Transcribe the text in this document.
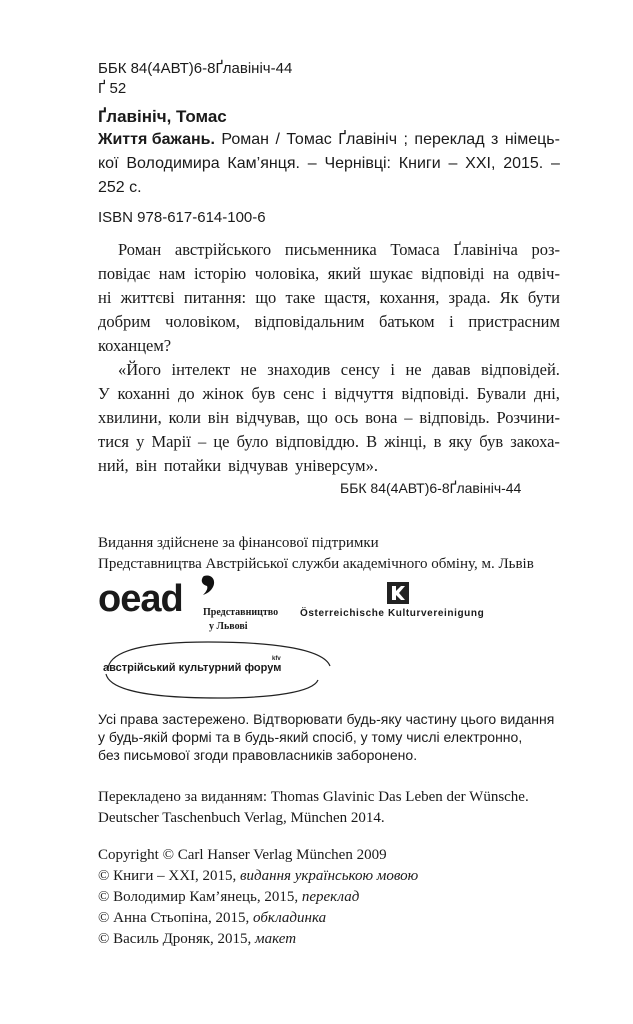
ББК 84(4АВТ)6-8Ґлавініч-44
Ґ 52
Ґлавініч, Томас
Життя бажань. Роман / Томас Ґлавініч ; переклад з німець-
кої Володимира Кам’янця. – Чернівці: Книги – XXI, 2015. –
252 с.
ISBN 978-617-614-100-6
Роман австрійського письменника Томаса Ґлавініча роз-
повідає нам історію чоловіка, який шукає відповіді на одвіч-
ні життєві питання: що таке щастя, кохання, зрада. Як бути
добрим чоловіком, відповідальним батьком і пристрасним
коханцем?
«Його інтелект не знаходив сенсу і не давав відповідей.
У коханні до жінок був сенс і відчуття відповіді. Бували дні,
хвилини, коли він відчував, що ось вона – відповідь. Розчини-
тися у Марії – це було відповіддю. В жінці, в яку був закоха-
ний, він потайки відчував універсум».
ББК 84(4АВТ)6-8Ґлавініч-44
Видання здійснене за фінансової підтримки
Представництва Австрійської служби академічного обміну, м. Львів
oead Представництво
у Львові
Österreichische Kulturvereinigung
австрійський культурний форум
kfv
Усі права застережено. Відтворювати будь-яку частину цього видання
у будь-якій формі та в будь-який спосіб, у тому числі електронно,
без письмової згоди правовласників заборонено.
Перекладено за виданням: Thomas Glavinic Das Leben der Wünsche.
Deutscher Taschenbuch Verlag, München 2014.
Copyright © Carl Hanser Verlag München 2009
© Книги – XXI, 2015, видання українською мовою
© Володимир Кам’янець, 2015, переклад
© Анна Стьопіна, 2015, обкладинка
© Василь Дроняк, 2015, макет
